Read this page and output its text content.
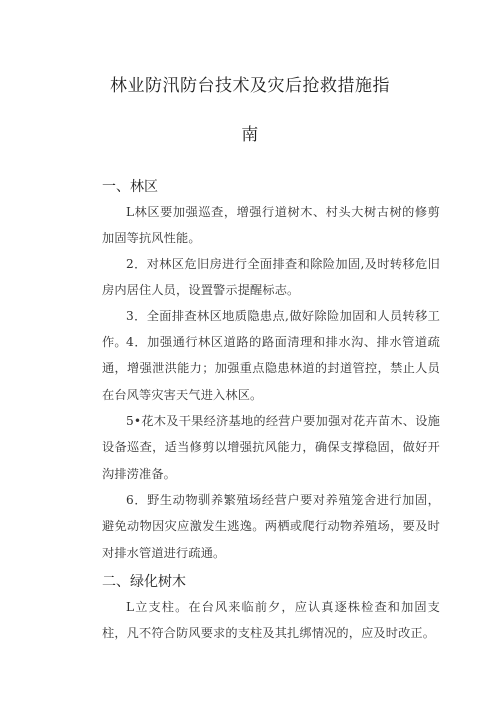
林业防汛防台技术及灾后抢救措施指
南
一、林区
L林区要加强巡查，增强行道树木、村头大树古树的修剪加固等抗风性能。
2．对林区危旧房进行全面排查和除险加固,及时转移危旧房内居住人员，设置警示提醒标志。
3．全面排查林区地质隐患点,做好除险加固和人员转移工作。 4．加强通行林区道路的路面清理和排水沟、排水管道疏通，增强泄洪能力；加强重点隐患林道的封道管控，禁止人员在台风等灾害天气进入林区。
5•花木及干果经济基地的经营户要加强对花卉苗木、设施设备巡查，适当修剪以增强抗风能力，确保支撑稳固，做好开沟排涝准备。
6．野生动物驯养繁殖场经营户要对养殖笼舍进行加固，避免动物因灾应激发生逃逸。两栖或爬行动物养殖场，要及时对排水管道进行疏通。
二、绿化树木
L立支柱。在台风来临前夕，应认真逐株检查和加固支柱，凡不符合防风要求的支柱及其扎绑情况的，应及时改正。
